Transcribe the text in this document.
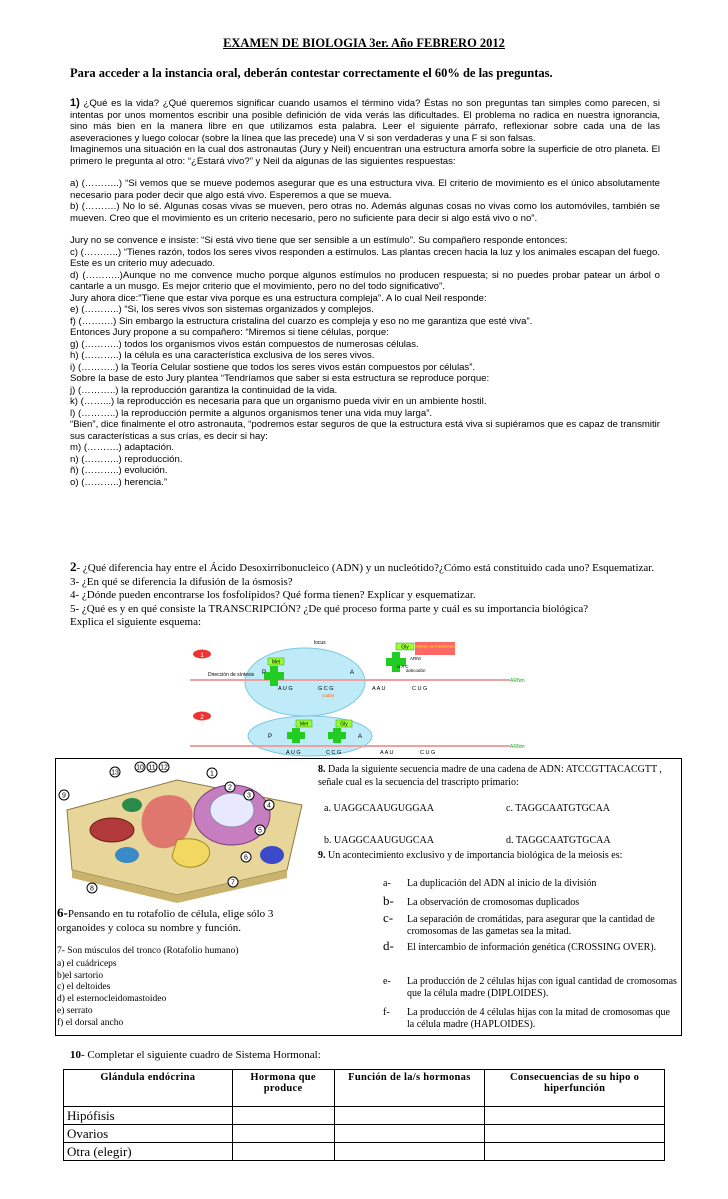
EXAMEN DE BIOLOGIA 3er. Año FEBRERO 2012
Para acceder a la instancia oral, deberán contestar correctamente el 60% de las preguntas.

1) ¿Qué es la vida? ¿Qué queremos significar cuando usamos el término vida? Éstas no son preguntas tan simples como parecen, si intentas por unos momentos escribir una posible definición de vida verás las dificultades. El problema no radica en nuestra ignorancia, sino más bien en la manera libre en que utilizamos esta palabra. Leer el siguiente párrafo, reflexionar sobre cada una de las aseveraciones y luego colocar (sobre la línea que las precede) una V si son verdaderas y una F si son falsas.

Imaginemos una situación en la cual dos astronautas (Jury y Neil) encuentran una estructura amorfa sobre la superficie de otro planeta. El primero le pregunta al otro: “¿Estará vivo?” y Neil da algunas de las siguientes respuestas:

a) (………..) “Si vemos que se mueve podemos asegurar que es una estructura viva. El criterio de movimiento es el único absolutamente necesario para poder decir que algo está vivo. Esperemos a que se mueva.

b) (……….) No lo sé. Algunas cosas vivas se mueven, pero otras no. Además algunas cosas no vivas como los automóviles, también se mueven. Creo que el movimiento es un criterio necesario, pero no suficiente para decir si algo está vivo o no”.

Jury no se convence e insiste: “Si está vivo tiene que ser sensible a un estímulo”. Su compañero responde entonces:

c) (………..) “Tienes razón, todos los seres vivos responden a estímulos. Las plantas crecen hacia la luz y los animales escapan del fuego. Este es un criterio muy adecuado.

d) (………..)Aunque no me convence mucho porque algunos estímulos no producen respuesta; si no puedes probar patear un árbol o cantarle a un musgo. Es mejor criterio que el movimiento, pero no del todo significativo”.

Jury ahora dice:”Tiene que estar viva porque es una estructura compleja”. A lo cual Neil responde:

e) (………..) “Si, los seres vivos son sistemas organizados y complejos.

f) (……….) Sin embargo la estructura cristalina del cuarzo es compleja y eso no me garantiza que esté viva”.

Entonces Jury propone a su compañero: “Miremos si tiene células, porque:

g) (………..) todos los organismos vivos están compuestos de numerosas células.

h) (………..) la célula es una característica exclusiva de los seres vivos.

i) (………..) la Teoría Celular sostiene que todos los seres vivos están compuestos por células”.

Sobre la base de esto Jury plantea “Tendríamos que saber si esta estructura se reproduce porque:

j) (………..) la reproducción garantiza la continuidad de la vida.

k) (……...) la reproducción es necesaria para que un organismo pueda vivir en un ambiente hostil.

l) (………..) la reproducción permite a algunos organismos tener una vida muy larga”.

“Bien”, dice finalmente el otro astronauta, “podremos estar seguros de que la estructura está viva si supiéramos que es capaz de transmitir sus características a sus crías, es decir si hay:

m) (……….) adaptación.

n) (………..) reproducción.

ñ) (………..) evolución.

o) (………..) herencia.”

2- ¿Qué diferencia hay entre el Ácido Desoxirribonucleico (ADN) y un nucleótido?¿Cómo está constituido cada uno? Esquematizar.
3- ¿En qué se diferencia la difusión de la ósmosis?
4- ¿Dónde pueden encontrarse los fosfolípidos? Qué forma tienen? Explicar y esquematizar.
5- ¿Qué es y en qué consiste la TRANSCRIPCIÓN? ¿De qué proceso forma parte y cuál es su importancia biológica?
Explica el siguiente esquema:
1
locus
Gly
Met
Complejo de transferencia
ARNt
anticodón
U A C
Dirección de síntesis P	A
A U G	G C G	A A U	C U G
codón
ARNm
2
Met	Gly
P	A
A U G	C C G	A A U	C U G
ARNm
1
2
3
4
5
6
7
8
9
10 11 12
13
6-Pensando en tu rotafolio de célula, elige sólo 3 organoides y coloca su nombre y función.
7- Son músculos del tronco (Rotafolio humano)
a) el cuádriceps
b)el sartorio
c) el deltoides
d) el esternocleidomastoideo
e) serrato
f) el dorsal ancho
8. Dada la siguiente secuencia madre de una cadena de ADN: ATCCGTTACACGTT , señale cual es la secuencia del trascripto primario:
a. UAGGCAAUGUGGAA	c. TAGGCAATGTGCAA
b. UAGGCAAUGUGCAA	d. TAGGCAATGTGCAA
9. Un acontecimiento exclusivo y de importancia biológica de la meiosis es:
a- La duplicación del ADN al inicio de la división
b- La observación de cromosomas duplicados
c- La separación de cromátidas, para asegurar que la cantidad de cromosomas de las gametas sea la mitad.
d- El intercambio de información genética (CROSSING OVER).
e- La producción de 2 células hijas con igual cantidad de cromosomas que la célula madre (DIPLOIDES).
f- La producción de 4 células hijas con la mitad de cromosomas que la célula madre (HAPLOIDES).
10- Completar el siguiente cuadro de Sistema Hormonal:
Glándula endócrina	Hormona que produce	Función de la/s hormonas	Consecuencias de su hipo o hiperfunción
Hipófisis			
Ovarios			
Otra (elegir)			
